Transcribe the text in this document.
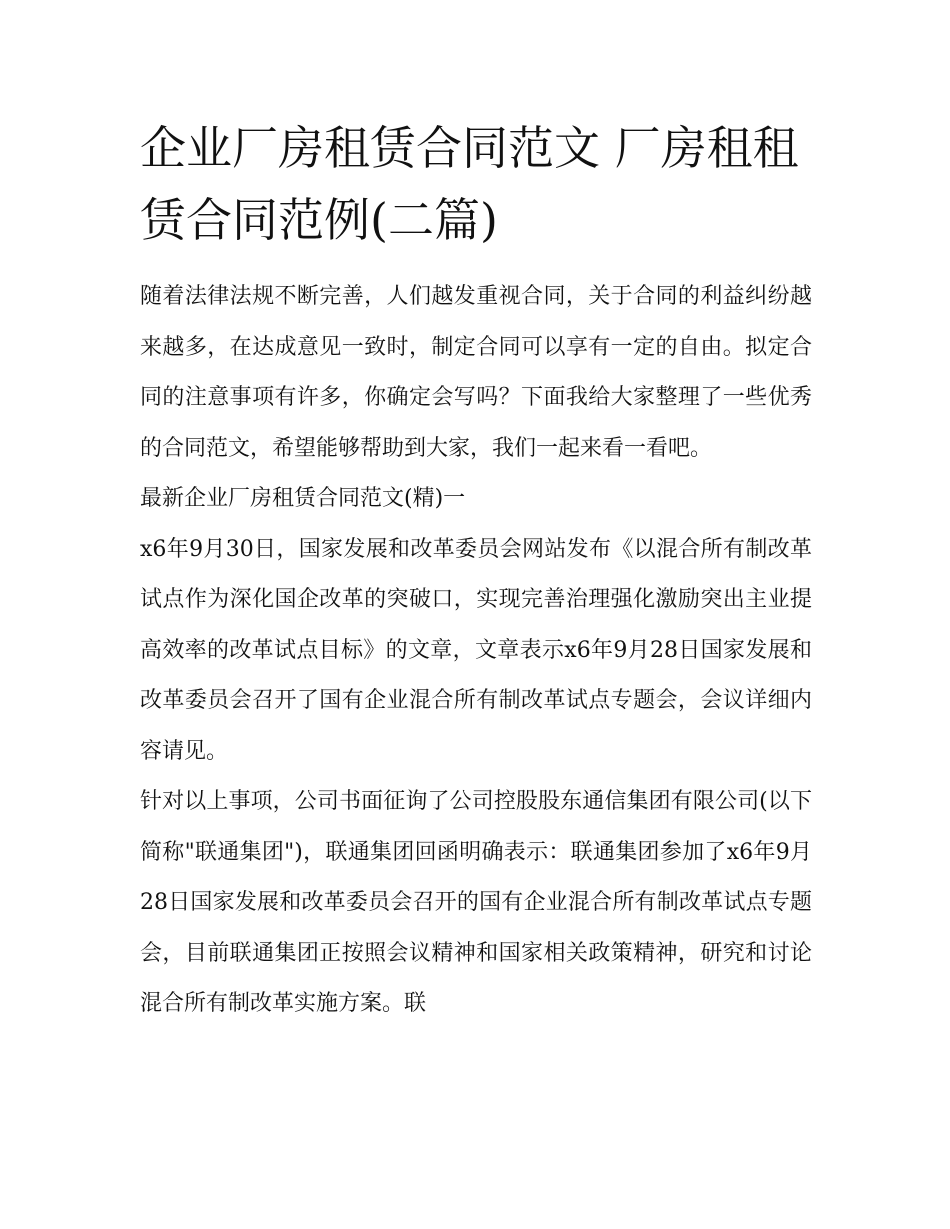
企业厂房租赁合同范文 厂房租租赁合同范例(二篇)

随着法律法规不断完善，人们越发重视合同，关于合同的利益纠纷越来越多，在达成意见一致时，制定合同可以享有一定的自由。拟定合同的注意事项有许多，你确定会写吗？下面我给大家整理了一些优秀的合同范文，希望能够帮助到大家，我们一起来看一看吧。

最新企业厂房租赁合同范文(精)一

x6年9月30日，国家发展和改革委员会网站发布《以混合所有制改革试点作为深化国企改革的突破口，实现完善治理强化激励突出主业提高效率的改革试点目标》的文章，文章表示x6年9月28日国家发展和改革委员会召开了国有企业混合所有制改革试点专题会，会议详细内容请见。

针对以上事项，公司书面征询了公司控股股东通信集团有限公司(以下简称"联通集团")，联通集团回函明确表示：联通集团参加了x6年9月28日国家发展和改革委员会召开的国有企业混合所有制改革试点专题会，目前联通集团正按照会议精神和国家相关政策精神，研究和讨论混合所有制改革实施方案。联
